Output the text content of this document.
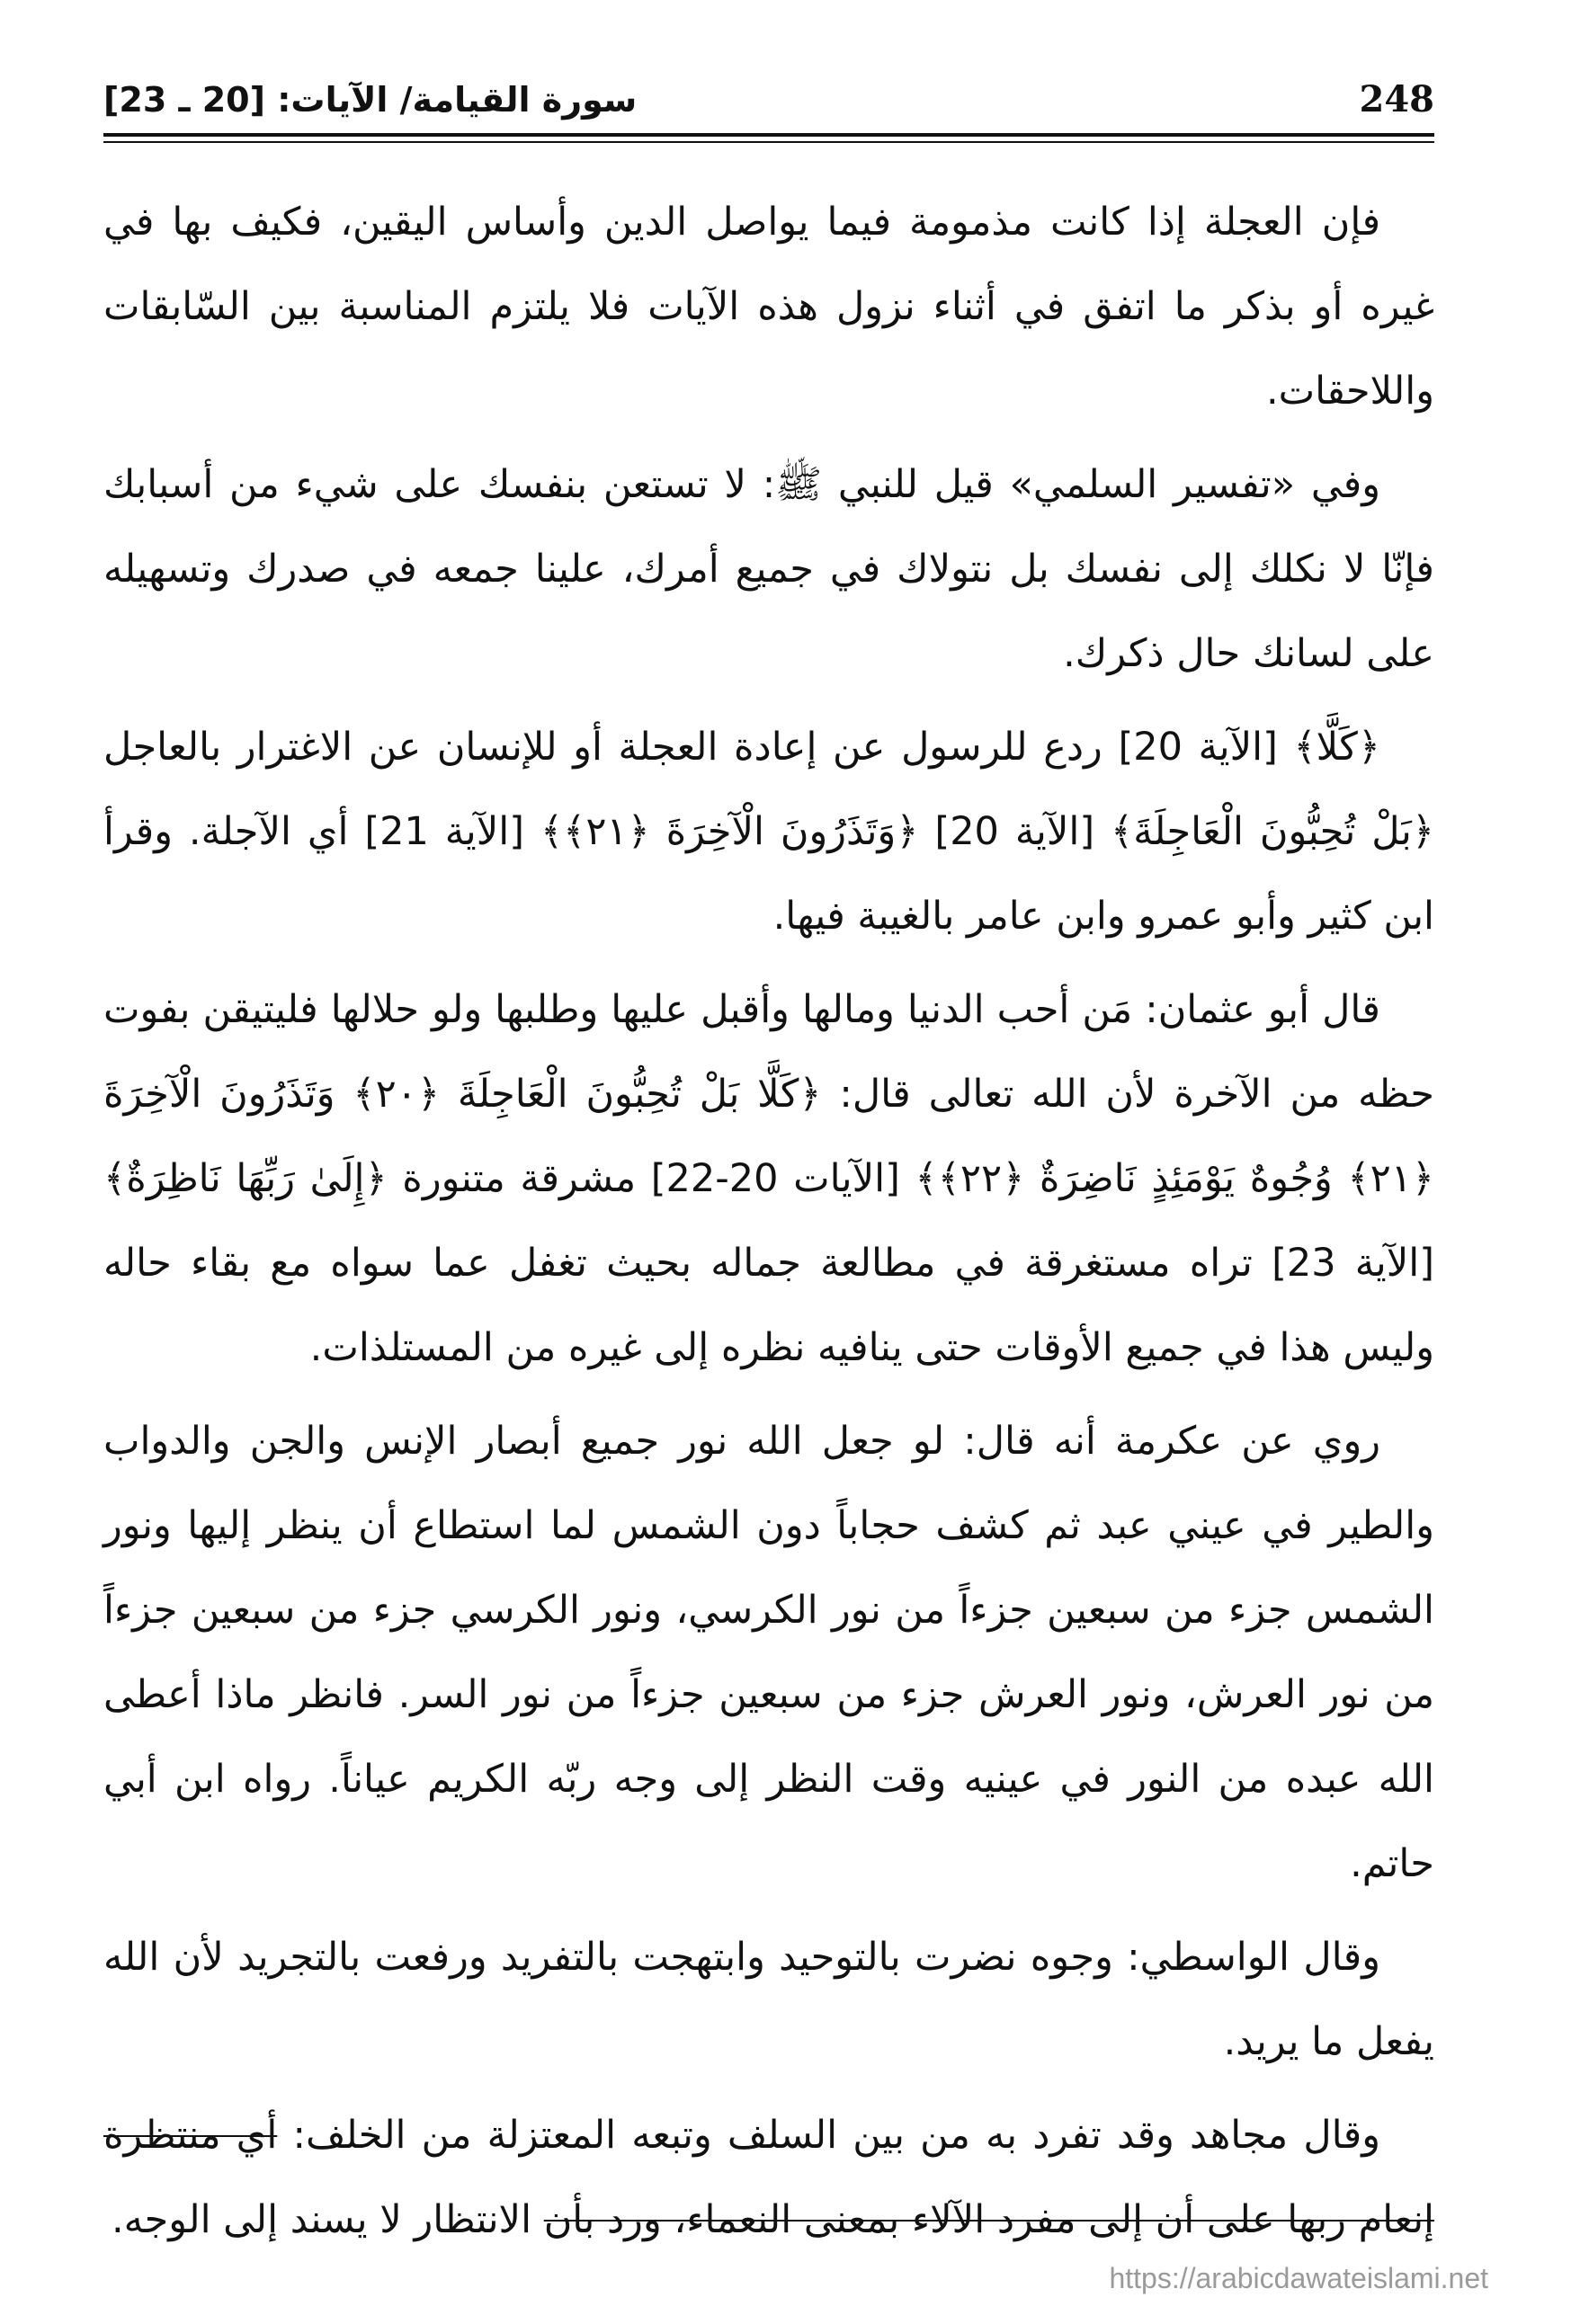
248
سورة القيامة/ الآيات: [20 ـ 23]

فإن العجلة إذا كانت مذمومة فيما يواصل الدين وأساس اليقين، فكيف بها في غيره أو بذكر ما اتفق في أثناء نزول هذه الآيات فلا يلتزم المناسبة بين السّابقات واللاحقات.

وفي «تفسير السلمي» قيل للنبي ﷺ: لا تستعن بنفسك على شيء من أسبابك فإنّا لا نكلك إلى نفسك بل نتولاك في جميع أمرك، علينا جمعه في صدرك وتسهيله على لسانك حال ذكرك.

﴿كَلَّا﴾ [الآية 20] ردع للرسول عن إعادة العجلة أو للإنسان عن الاغترار بالعاجل ﴿بَلْ تُحِبُّونَ الْعَاجِلَةَ﴾ [الآية 20] ﴿وَتَذَرُونَ الْآخِرَةَ ﴿٢١﴾﴾ [الآية 21] أي الآجلة. وقرأ ابن كثير وأبو عمرو وابن عامر بالغيبة فيها.

قال أبو عثمان: مَن أحب الدنيا ومالها وأقبل عليها وطلبها ولو حلالها فليتيقن بفوت حظه من الآخرة لأن الله تعالى قال: ﴿كَلَّا بَلْ تُحِبُّونَ الْعَاجِلَةَ ﴿٢٠﴾ وَتَذَرُونَ الْآخِرَةَ ﴿٢١﴾ وُجُوهٌ يَوْمَئِذٍ نَاضِرَةٌ ﴿٢٢﴾﴾ [الآيات 20-22] مشرقة متنورة ﴿إِلَىٰ رَبِّهَا نَاظِرَةٌ﴾ [الآية 23] تراه مستغرقة في مطالعة جماله بحيث تغفل عما سواه مع بقاء حاله وليس هذا في جميع الأوقات حتى ينافيه نظره إلى غيره من المستلذات.

روي عن عكرمة أنه قال: لو جعل الله نور جميع أبصار الإنس والجن والدواب والطير في عيني عبد ثم كشف حجاباً دون الشمس لما استطاع أن ينظر إليها ونور الشمس جزء من سبعين جزءاً من نور الكرسي، ونور الكرسي جزء من سبعين جزءاً من نور العرش، ونور العرش جزء من سبعين جزءاً من نور السر. فانظر ماذا أعطى الله عبده من النور في عينيه وقت النظر إلى وجه ربّه الكريم عياناً. رواه ابن أبي حاتم.

وقال الواسطي: وجوه نضرت بالتوحيد وابتهجت بالتفريد ورفعت بالتجريد لأن الله يفعل ما يريد.

وقال مجاهد وقد تفرد به من بين السلف وتبعه المعتزلة من الخلف: أي منتظرة إنعام ربها على أن إلى مفرد الآلاء بمعنى النعماء، ورد بأن الانتظار لا يسند إلى الوجه.
https://arabicdawateislami.net
